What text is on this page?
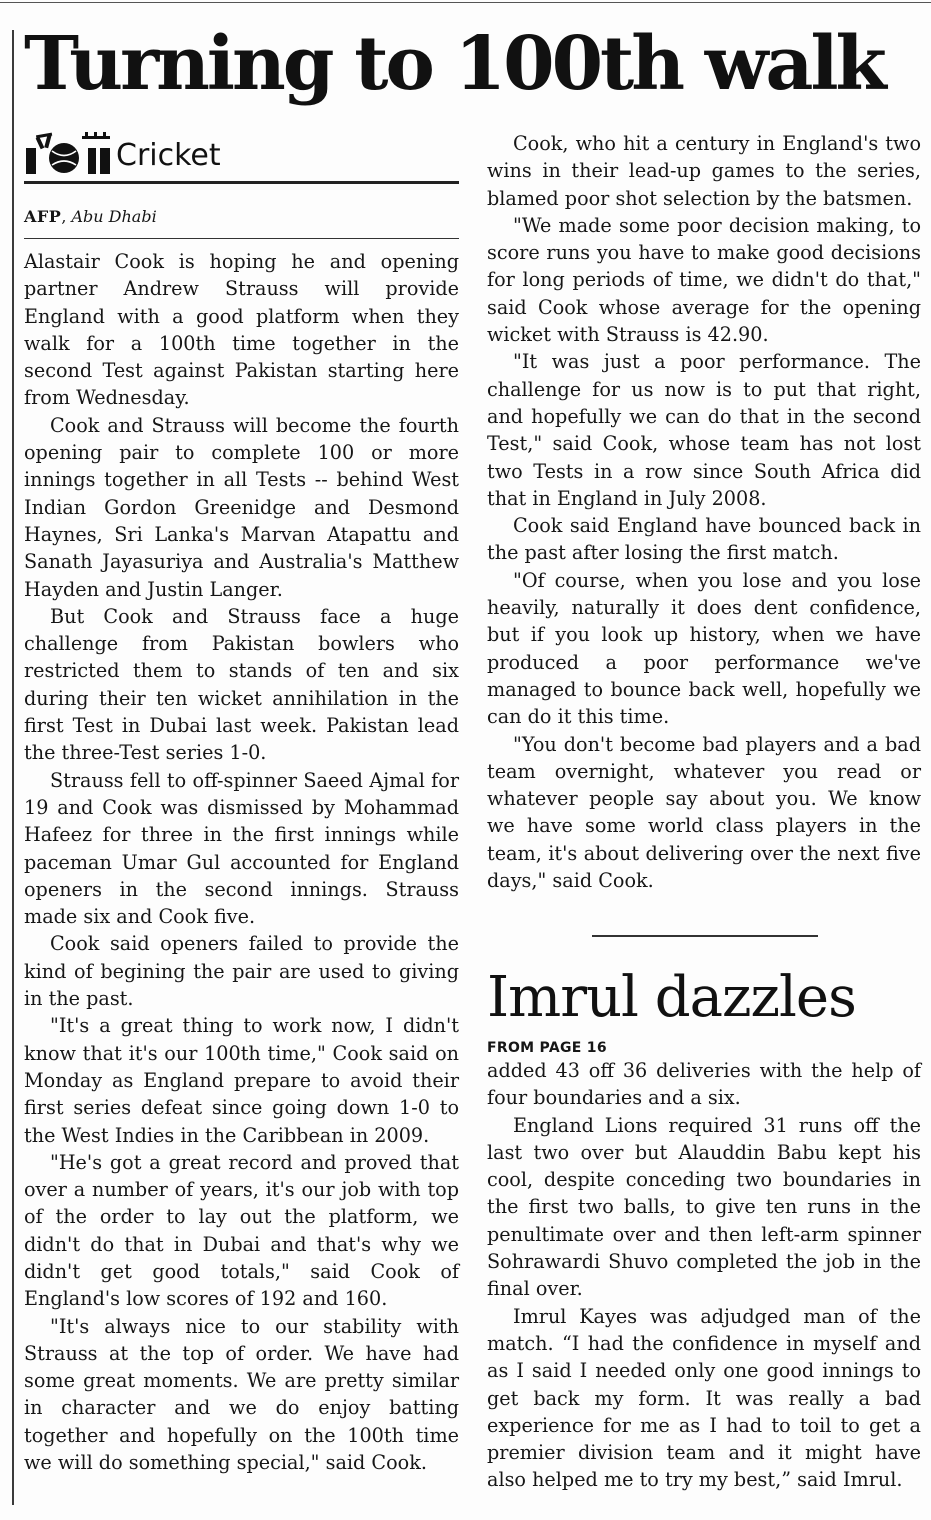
Turning to 100th walk
Cricket
AFP, Abu Dhabi

Alastair Cook is hoping he and opening partner Andrew Strauss will provide England with a good platform when they walk for a 100th time together in the second Test against Pakistan starting here from Wednesday.

Cook and Strauss will become the fourth opening pair to complete 100 or more innings together in all Tests -- behind West Indian Gordon Greenidge and Desmond Haynes, Sri Lanka's Marvan Atapattu and Sanath Jayasuriya and Australia's Matthew Hayden and Justin Langer.

But Cook and Strauss face a huge challenge from Pakistan bowlers who restricted them to stands of ten and six during their ten wicket annihilation in the first Test in Dubai last week. Pakistan lead the three-Test series 1-0.

Strauss fell to off-spinner Saeed Ajmal for 19 and Cook was dismissed by Mohammad Hafeez for three in the first innings while paceman Umar Gul accounted for England openers in the second innings. Strauss made six and Cook five.

Cook said openers failed to provide the kind of begining the pair are used to giving in the past.

"It's a great thing to work now, I didn't know that it's our 100th time," Cook said on Monday as England prepare to avoid their first series defeat since going down 1-0 to the West Indies in the Caribbean in 2009.

"He's got a great record and proved that over a number of years, it's our job with top of the order to lay out the platform, we didn't do that in Dubai and that's why we didn't get good totals," said Cook of England's low scores of 192 and 160.

"It's always nice to our stability with Strauss at the top of order. We have had some great moments. We are pretty similar in character and we do enjoy batting together and hopefully on the 100th time we will do something special," said Cook.

Cook, who hit a century in England's two wins in their lead-up games to the series, blamed poor shot selection by the batsmen.

"We made some poor decision making, to score runs you have to make good decisions for long periods of time, we didn't do that," said Cook whose average for the opening wicket with Strauss is 42.90.

"It was just a poor performance. The challenge for us now is to put that right, and hopefully we can do that in the second Test," said Cook, whose team has not lost two Tests in a row since South Africa did that in England in July 2008.

Cook said England have bounced back in the past after losing the first match.

"Of course, when you lose and you lose heavily, naturally it does dent confidence, but if you look up history, when we have produced a poor performance we've managed to bounce back well, hopefully we can do it this time.

"You don't become bad players and a bad team overnight, whatever you read or whatever people say about you. We know we have some world class players in the team, it's about delivering over the next five days," said Cook.

Imrul dazzles
FROM PAGE 16

added 43 off 36 deliveries with the help of four boundaries and a six.

England Lions required 31 runs off the last two over but Alauddin Babu kept his cool, despite conceding two boundaries in the first two balls, to give ten runs in the penultimate over and then left-arm spinner Sohrawardi Shuvo completed the job in the final over.

Imrul Kayes was adjudged man of the match. “I had the confidence in myself and as I said I needed only one good innings to get back my form. It was really a bad experience for me as I had to toil to get a premier division team and it might have also helped me to try my best,” said Imrul.
